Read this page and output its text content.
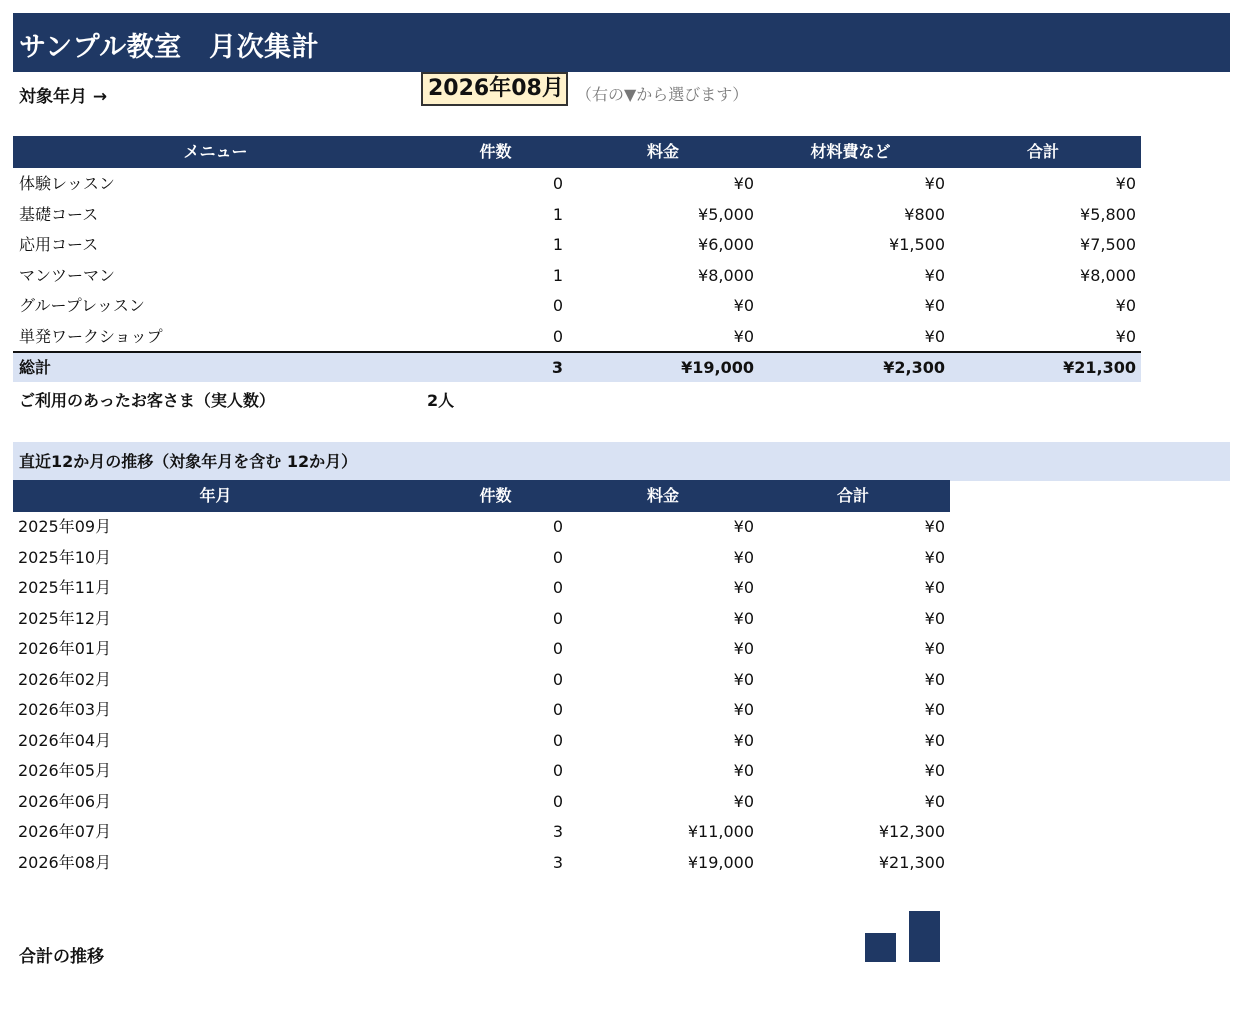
サンプル教室　月次集計
対象年月 →	2026年08月 （右の▼から選びます）
メニュー	件数	料金	材料費など	合計
体験レッスン	0	¥0	¥0	¥0
基礎コース	1	¥5,000	¥800	¥5,800
応用コース	1	¥6,000	¥1,500	¥7,500
マンツーマン	1	¥8,000	¥0	¥8,000
グループレッスン	0	¥0	¥0	¥0
単発ワークショップ	0	¥0	¥0	¥0
総計	3	¥19,000	¥2,300	¥21,300
ご利用のあったお客さま（実人数）	2人
直近12か月の推移（対象年月を含む 12か月）
年月	件数	料金	合計
2025年09月	0	¥0	¥0
2025年10月	0	¥0	¥0
2025年11月	0	¥0	¥0
2025年12月	0	¥0	¥0
2026年01月	0	¥0	¥0
2026年02月	0	¥0	¥0
2026年03月	0	¥0	¥0
2026年04月	0	¥0	¥0
2026年05月	0	¥0	¥0
2026年06月	0	¥0	¥0
2026年07月	3	¥11,000	¥12,300
2026年08月	3	¥19,000	¥21,300
合計の推移
